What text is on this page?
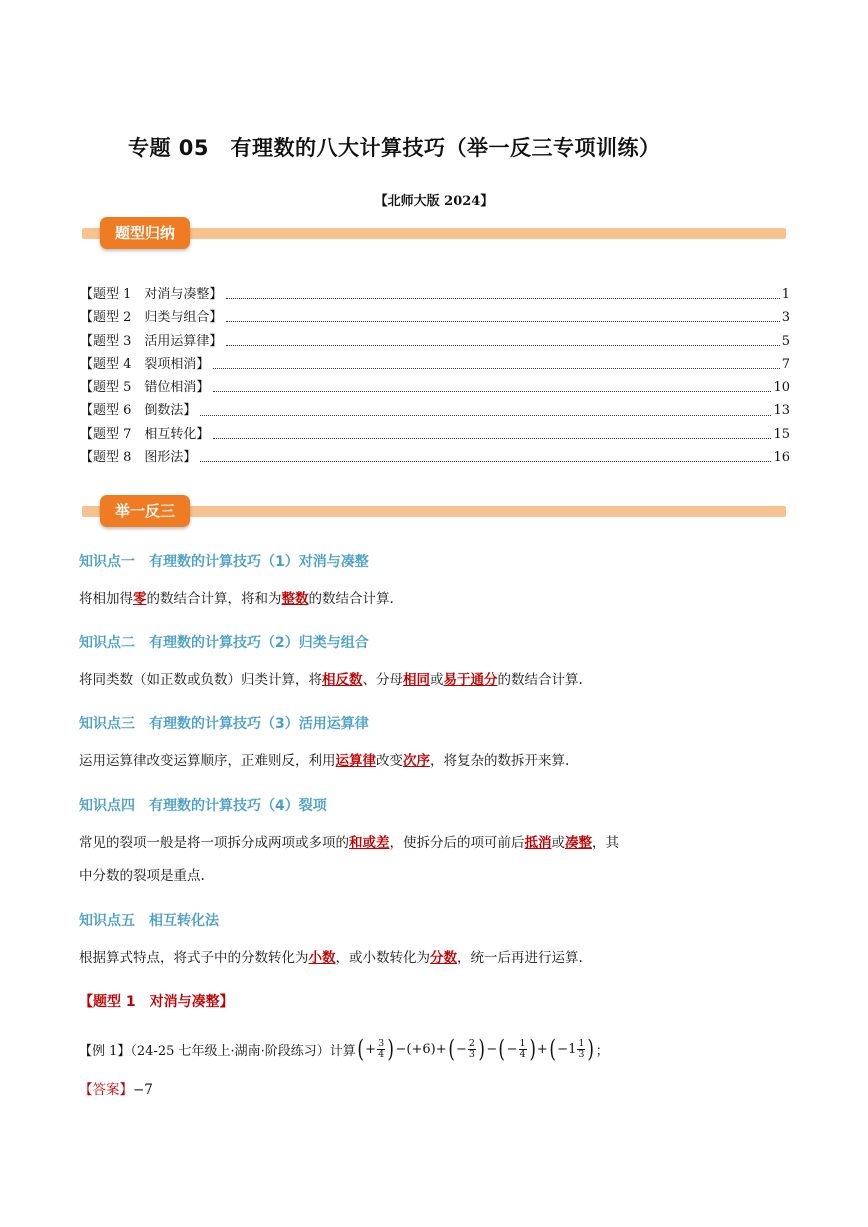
专题 05　有理数的八大计算技巧（举一反三专项训练）
【北师大版 2024】
题型归纳
【题型 1　对消与凑整】	1
【题型 2　归类与组合】	3
【题型 3　活用运算律】	5
【题型 4　裂项相消】	7
【题型 5　错位相消】	10
【题型 6　倒数法】	13
【题型 7　相互转化】	15
【题型 8　图形法】	16
举一反三
知识点一　有理数的计算技巧（1）对消与凑整
将相加得零的数结合计算，将和为整数的数结合计算.
知识点二　有理数的计算技巧（2）归类与组合
将同类数（如正数或负数）归类计算，将相反数、分母相同或易于通分的数结合计算.
知识点三　有理数的计算技巧（3）活用运算律
运用运算律改变运算顺序，正难则反，利用运算律改变次序，将复杂的数拆开来算.
知识点四　有理数的计算技巧（4）裂项
常见的裂项一般是将一项拆分成两项或多项的和或差，使拆分后的项可前后抵消或凑整，其
中分数的裂项是重点.
知识点五　相互转化法
根据算式特点，将式子中的分数转化为小数，或小数转化为分数，统一后再进行运算.
【题型 1　对消与凑整】
【例 1】（24-25 七年级上·湖南·阶段练习）计算 ( + $\frac{3}{4}$ ) − (+6) + ( − $\frac{2}{3}$ ) − ( − $\frac{1}{4}$ ) + ( $-1 \frac{1}{3}$ ) ；
【答案】−7
